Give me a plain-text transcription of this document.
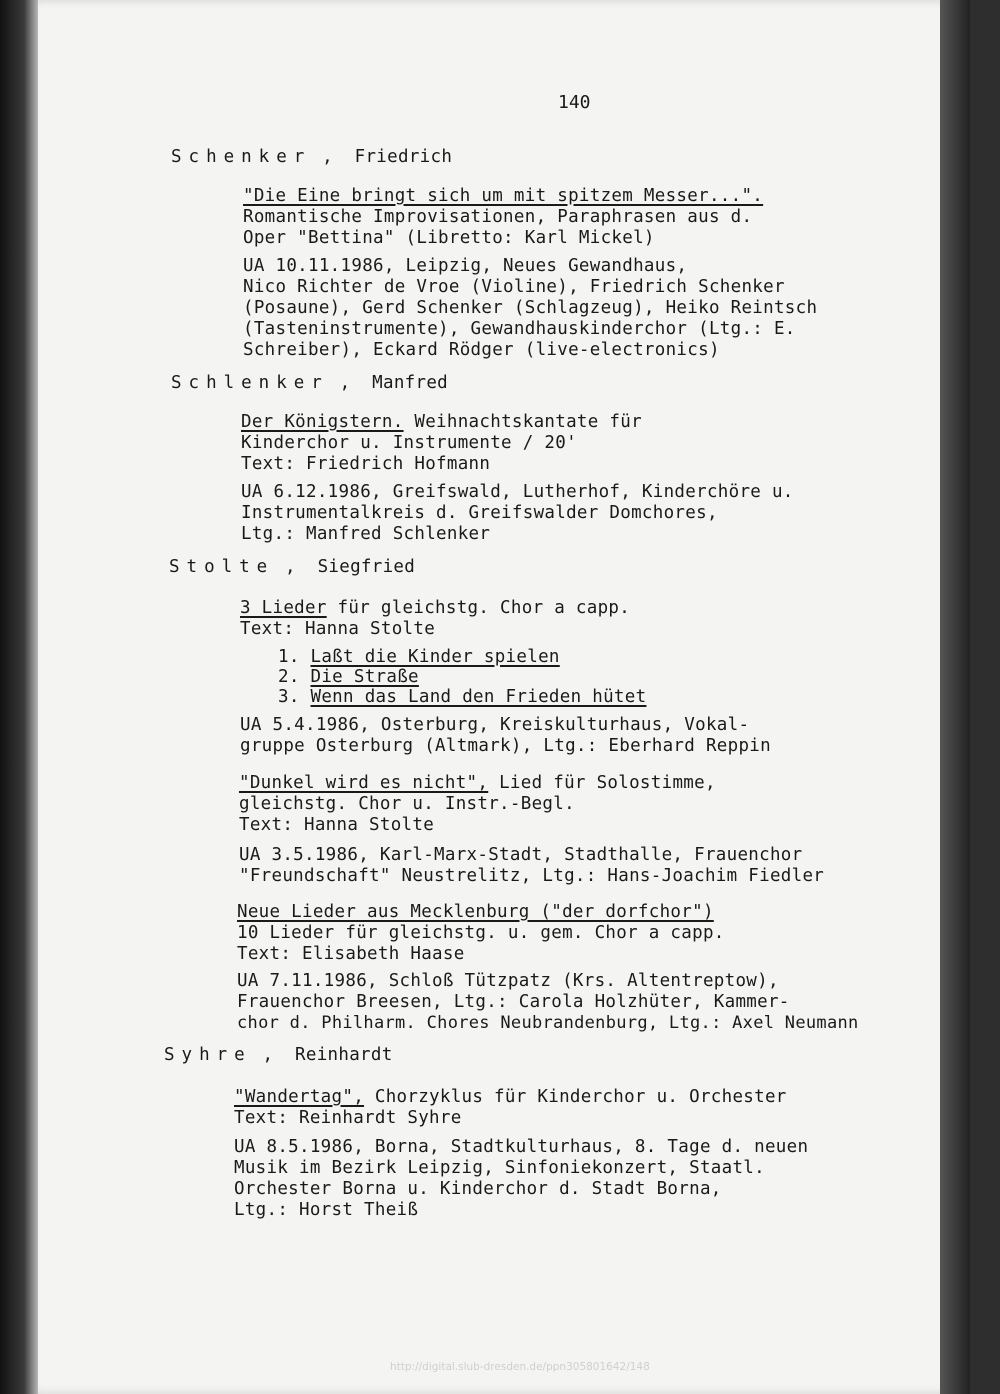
140
Schenker ,  Friedrich
"Die Eine bringt sich um mit spitzem Messer...".
Romantische Improvisationen, Paraphrasen aus d.
Oper "Bettina" (Libretto: Karl Mickel)
UA 10.11.1986, Leipzig, Neues Gewandhaus,
Nico Richter de Vroe (Violine), Friedrich Schenker
(Posaune), Gerd Schenker (Schlagzeug), Heiko Reintsch
(Tasteninstrumente), Gewandhauskinderchor (Ltg.: E.
Schreiber), Eckard Rödger (live-electronics)
Schlenker ,  Manfred
Der Königstern. Weihnachtskantate für
Kinderchor u. Instrumente / 20'
Text: Friedrich Hofmann
UA 6.12.1986, Greifswald, Lutherhof, Kinderchöre u.
Instrumentalkreis d. Greifswalder Domchores,
Ltg.: Manfred Schlenker
Stolte ,  Siegfried
3 Lieder für gleichstg. Chor a capp.
Text: Hanna Stolte
1. Laßt die Kinder spielen
2. Die Straße
3. Wenn das Land den Frieden hütet
UA 5.4.1986, Osterburg, Kreiskulturhaus, Vokal-
gruppe Osterburg (Altmark), Ltg.: Eberhard Reppin
"Dunkel wird es nicht", Lied für Solostimme,
gleichstg. Chor u. Instr.-Begl.
Text: Hanna Stolte
UA 3.5.1986, Karl-Marx-Stadt, Stadthalle, Frauenchor
"Freundschaft" Neustrelitz, Ltg.: Hans-Joachim Fiedler
Neue Lieder aus Mecklenburg ("der dorfchor")
10 Lieder für gleichstg. u. gem. Chor a capp.
Text: Elisabeth Haase
UA 7.11.1986, Schloß Tützpatz (Krs. Altentreptow),
Frauenchor Breesen, Ltg.: Carola Holzhüter, Kammer-
chor d. Philharm. Chores Neubrandenburg, Ltg.: Axel Neumann
Syhre ,  Reinhardt
"Wandertag", Chorzyklus für Kinderchor u. Orchester
Text: Reinhardt Syhre
UA 8.5.1986, Borna, Stadtkulturhaus, 8. Tage d. neuen
Musik im Bezirk Leipzig, Sinfoniekonzert, Staatl.
Orchester Borna u. Kinderchor d. Stadt Borna,
Ltg.: Horst Theiß
http://digital.slub-dresden.de/ppn305801642/148
